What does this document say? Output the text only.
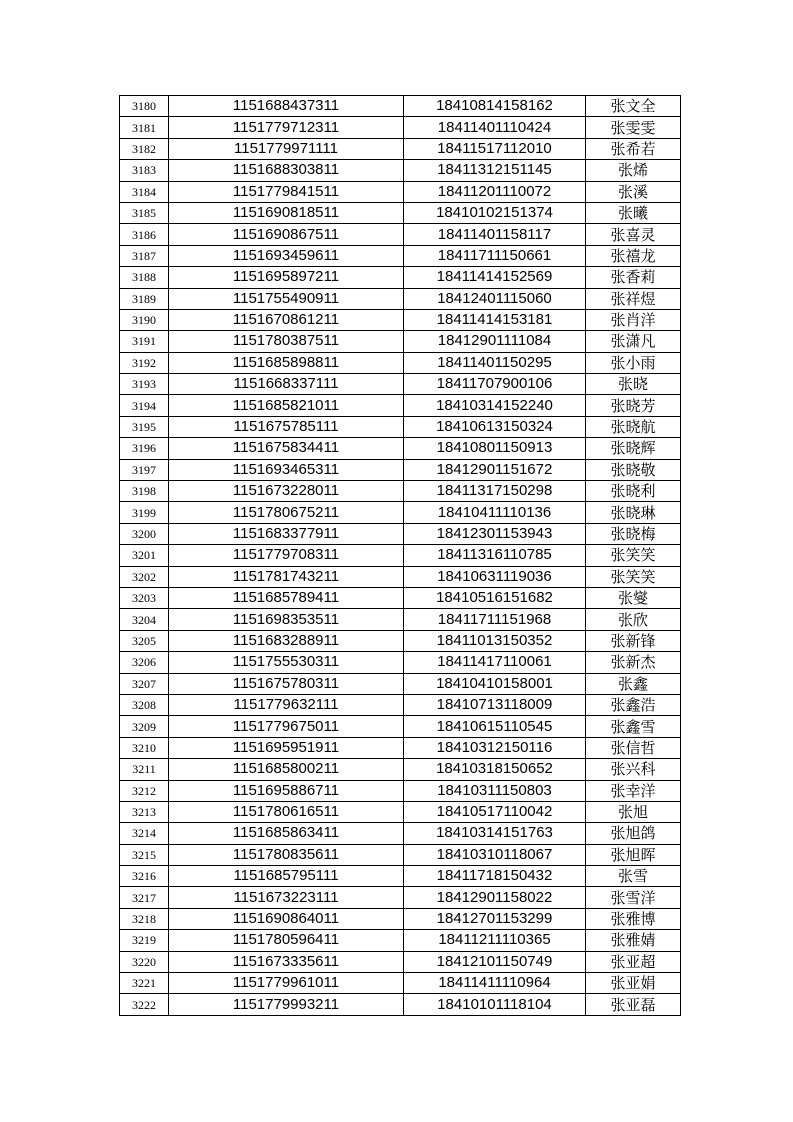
3180	1151688437311	18410814158162	张文全
3181	1151779712311	18411401110424	张雯雯
3182	1151779971111	18411517112010	张希若
3183	1151688303811	18411312151145	张烯
3184	1151779841511	18411201110072	张溪
3185	1151690818511	18410102151374	张曦
3186	1151690867511	18411401158117	张喜灵
3187	1151693459611	18411711150661	张禧龙
3188	1151695897211	18411414152569	张香莉
3189	1151755490911	18412401115060	张祥煜
3190	1151670861211	18411414153181	张肖洋
3191	1151780387511	18412901111084	张潇凡
3192	1151685898811	18411401150295	张小雨
3193	1151668337111	18411707900106	张晓
3194	1151685821011	18410314152240	张晓芳
3195	1151675785111	18410613150324	张晓航
3196	1151675834411	18410801150913	张晓辉
3197	1151693465311	18412901151672	张晓敬
3198	1151673228011	18411317150298	张晓利
3199	1151780675211	18410411110136	张晓琳
3200	1151683377911	18412301153943	张晓梅
3201	1151779708311	18411316110785	张笑笑
3202	1151781743211	18410631119036	张笑笑
3203	1151685789411	18410516151682	张燮
3204	1151698353511	18411711151968	张欣
3205	1151683288911	18411013150352	张新锋
3206	1151755530311	18411417110061	张新杰
3207	1151675780311	18410410158001	张鑫
3208	1151779632111	18410713118009	张鑫浩
3209	1151779675011	18410615110545	张鑫雪
3210	1151695951911	18410312150116	张信哲
3211	1151685800211	18410318150652	张兴科
3212	1151695886711	18410311150803	张幸洋
3213	1151780616511	18410517110042	张旭
3214	1151685863411	18410314151763	张旭鸽
3215	1151780835611	18410310118067	张旭晖
3216	1151685795111	18411718150432	张雪
3217	1151673223111	18412901158022	张雪洋
3218	1151690864011	18412701153299	张雅博
3219	1151780596411	18411211110365	张雅婧
3220	1151673335611	18412101150749	张亚超
3221	1151779961011	18411411110964	张亚娟
3222	1151779993211	18410101118104	张亚磊
